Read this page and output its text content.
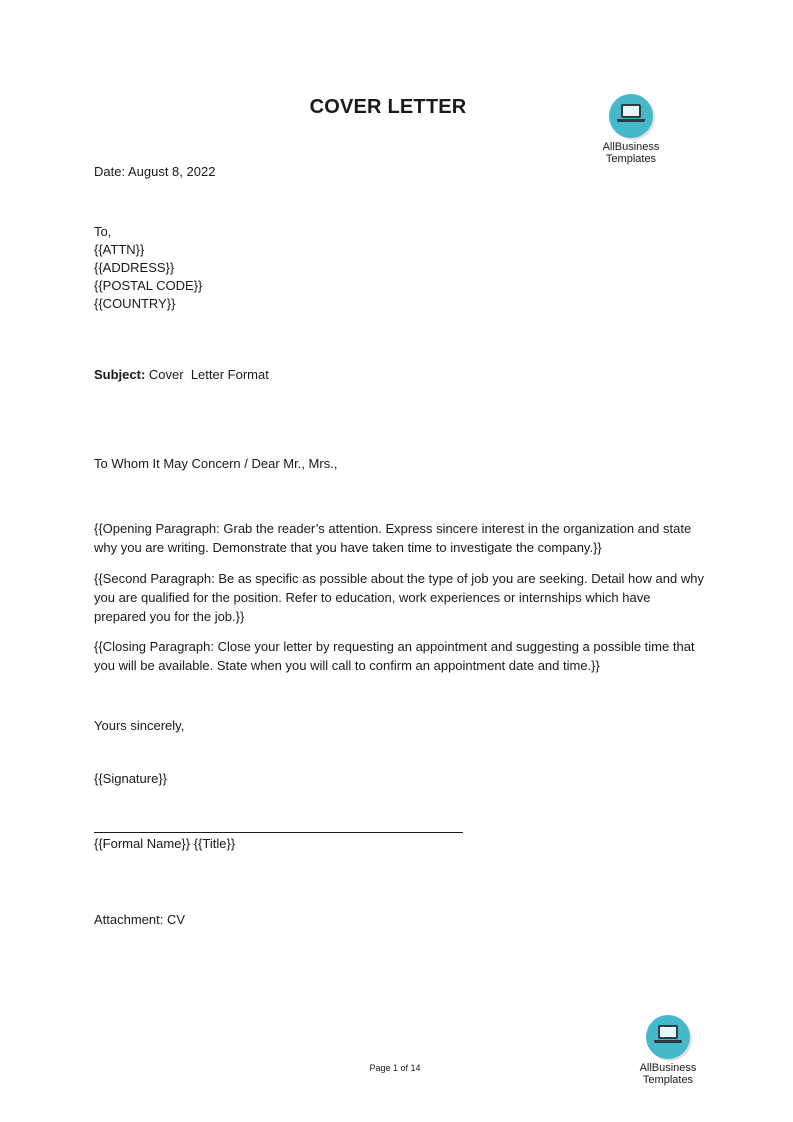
COVER LETTER
AllBusiness
Templates
Date: August 8, 2022
To,
{{ATTN}}
{{ADDRESS}}
{{POSTAL CODE}}
{{COUNTRY}}
Subject: Cover  Letter Format
To Whom It May Concern / Dear Mr., Mrs.,
{{Opening Paragraph: Grab the reader’s attention. Express sincere interest in the organization and state why you are writing. Demonstrate that you have taken time to investigate the company.}}
{{Second Paragraph: Be as specific as possible about the type of job you are seeking. Detail how and why you are qualified for the position. Refer to education, work experiences or internships which have prepared you for the job.}}
{{Closing Paragraph: Close your letter by requesting an appointment and suggesting a possible time that you will be available. State when you will call to confirm an appointment date and time.}}
Yours sincerely,
{{Signature}}
{{Formal Name}} {{Title}}
Attachment: CV
Page 1 of 14	AllBusiness
Templates
